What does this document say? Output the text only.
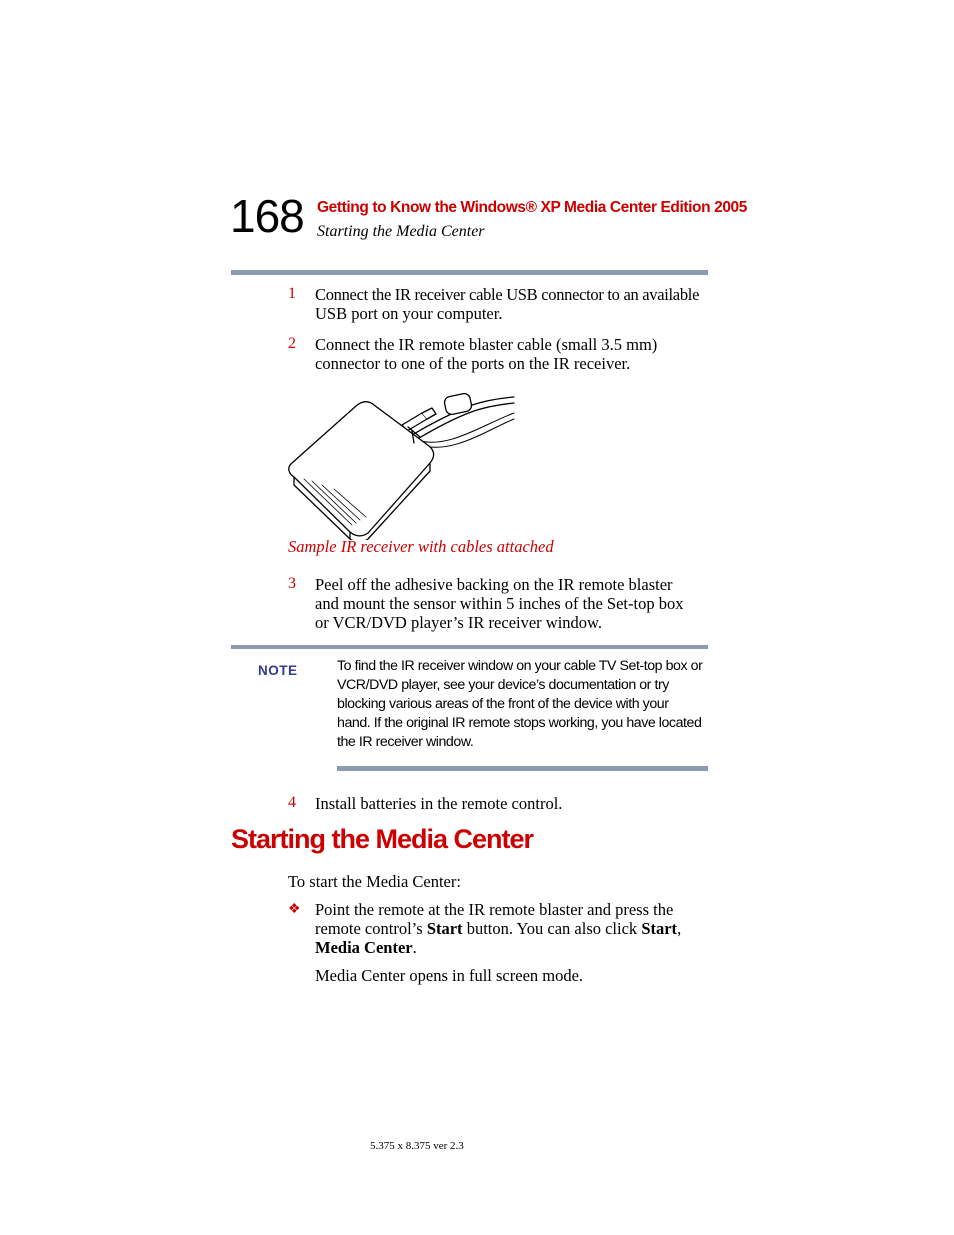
168 Getting to Know the Windows® XP Media Center Edition 2005
Starting the Media Center
1 Connect the IR receiver cable USB connector to an available
USB port on your computer.
2 Connect the IR remote blaster cable (small 3.5 mm)
connector to one of the ports on the IR receiver.
Sample IR receiver with cables attached
3 Peel off the adhesive backing on the IR remote blaster
and mount the sensor within 5 inches of the Set-top box
or VCR/DVD player’s IR receiver window.
NOTE	To find the IR receiver window on your cable TV Set-top box or
VCR/DVD player, see your device’s documentation or try
blocking various areas of the front of the device with your
hand. If the original IR remote stops working, you have located
the IR receiver window.
4 Install batteries in the remote control.
Starting the Media Center
To start the Media Center:
❖ Point the remote at the IR remote blaster and press the
remote control’s Start button. You can also click Start,
Media Center.
Media Center opens in full screen mode.
5.375 x 8.375 ver 2.3
